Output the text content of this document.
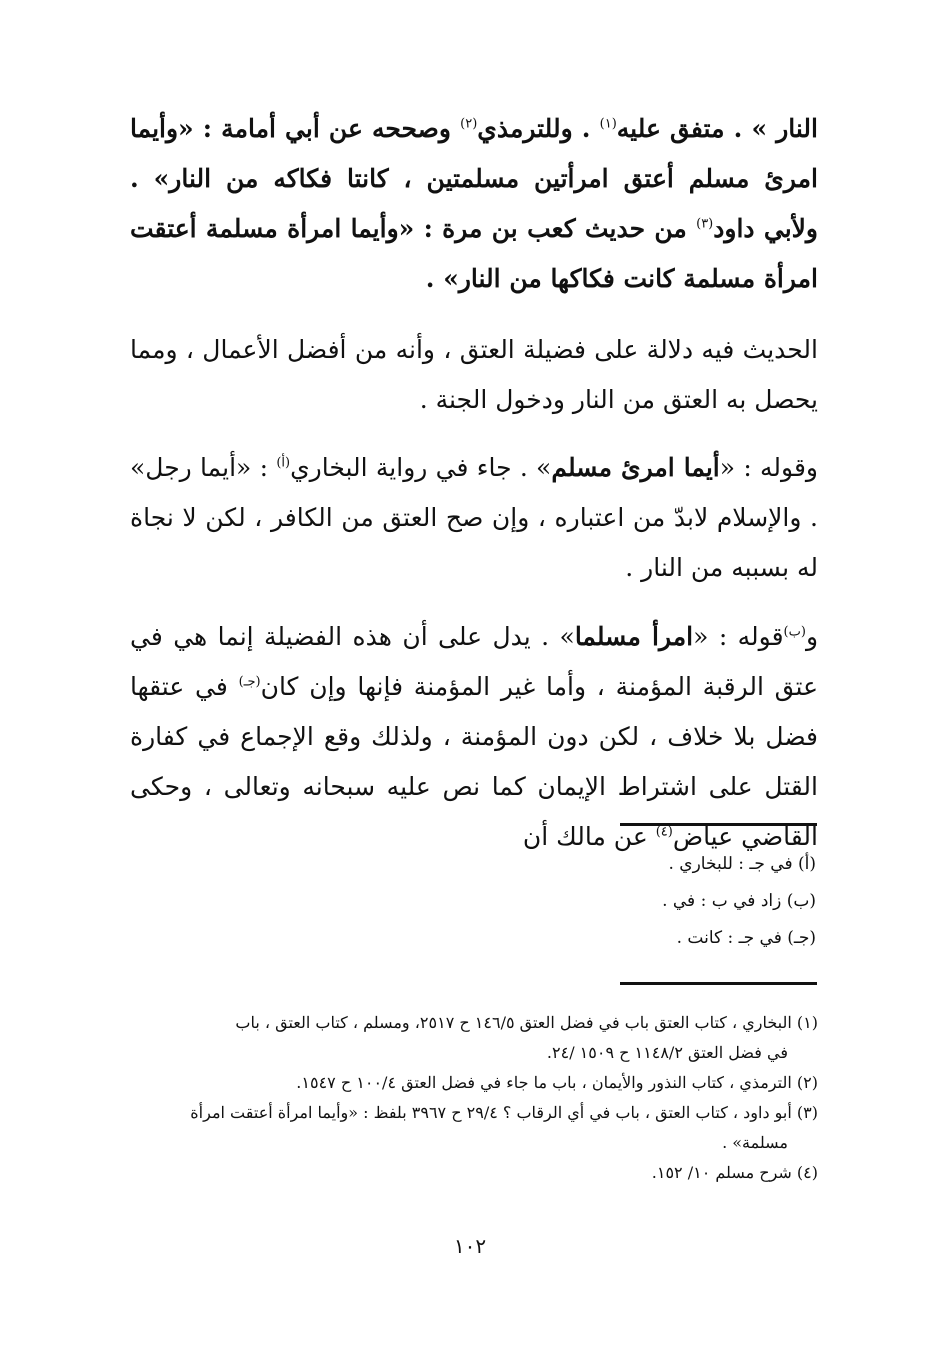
النار » . متفق عليه$^{(١)}$ . وللترمذي$^{(٢)}$ وصححه عن أبي أمامة : «وأيما امرئ مسلم أعتق امرأتين مسلمتين ، كانتا فكاكه من النار» . ولأبي داود$^{(٣)}$ من حديث كعب بن مرة : «وأيما امرأة مسلمة أعتقت امرأة مسلمة كانت فكاكها من النار» .
الحديث فيه دلالة على فضيلة العتق ، وأنه من أفضل الأعمال ، ومما يحصل به العتق من النار ودخول الجنة .
وقوله : «أيما امرئ مسلم» . جاء في رواية البخاري$^{(أ)}$ : «أيما رجل» . والإسلام لابدّ من اعتباره ، وإن صح العتق من الكافر ، لكن لا نجاة له بسببه من النار .
و$^{(ب)}$قوله : «امرأ مسلما» . يدل على أن هذه الفضيلة إنما هي في عتق الرقبة المؤمنة ، وأما غير المؤمنة فإنها وإن كان$^{(جـ)}$ في عتقها فضل بلا خلاف ، لكن دون المؤمنة ، ولذلك وقع الإجماع في كفارة القتل على اشتراط الإيمان كما نص عليه سبحانه وتعالى ، وحكى القاضي عياض$^{(٤)}$ عن مالك أن
(أ) في جـ : للبخاري .
(ب) زاد في ب : في .
(جـ) في جـ : كانت .
(١) البخاري ، كتاب العتق باب في فضل العتق ١٤٦/٥ ح ٢٥١٧، ومسلم ، كتاب العتق ، باب
في فضل العتق ١١٤٨/٢ ح ١٥٠٩ /٢٤.
(٢) الترمذي ، كتاب النذور والأيمان ، باب ما جاء في فضل العتق ١٠٠/٤ ح ١٥٤٧.
(٣) أبو داود ، كتاب العتق ، باب في أي الرقاب ؟ ٢٩/٤ ح ٣٩٦٧ بلفظ : «وأيما امرأة أعتقت امرأة
مسلمة» .
(٤) شرح مسلم ١٠/ ١٥٢.
١٠٢
